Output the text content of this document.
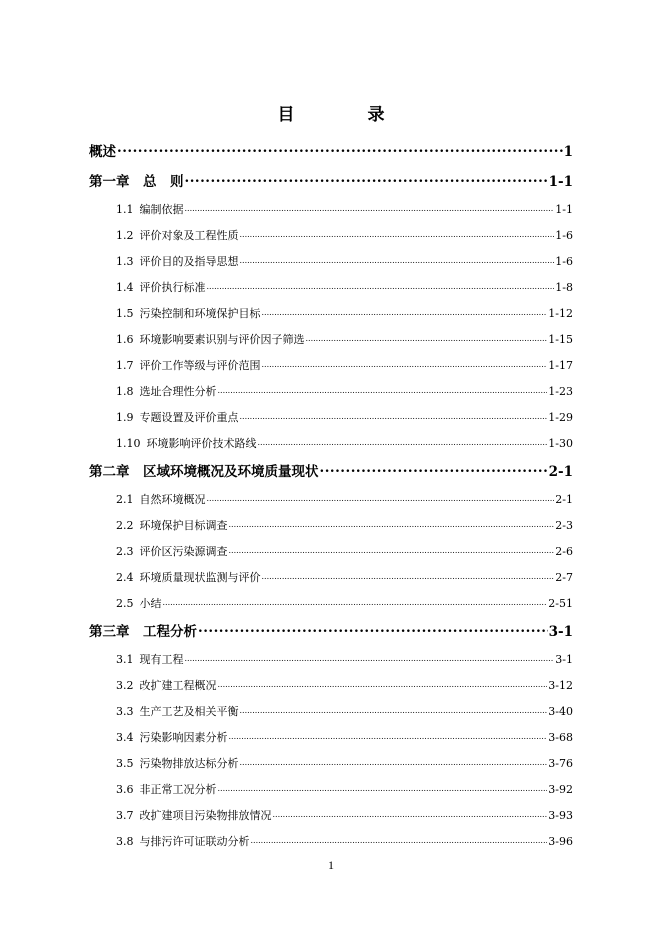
目　录
概述 .....	1
第一章　总　则 .....	1-1
1.1 编制依据 .....	1-1
1.2 评价对象及工程性质 .....	1-6
1.3 评价目的及指导思想 .....	1-6
1.4 评价执行标准 .....	1-8
1.5 污染控制和环境保护目标 .....	1-12
1.6 环境影响要素识别与评价因子筛选 .....	1-15
1.7 评价工作等级与评价范围 .....	1-17
1.8 选址合理性分析 .....	1-23
1.9 专题设置及评价重点 .....	1-29
1.10 环境影响评价技术路线 .....	1-30
第二章　区域环境概况及环境质量现状 .....	2-1
2.1 自然环境概况 .....	2-1
2.2 环境保护目标调查 .....	2-3
2.3 评价区污染源调查 .....	2-6
2.4 环境质量现状监测与评价 .....	2-7
2.5 小结 .....	2-51
第三章　工程分析 .....	3-1
3.1 现有工程 .....	3-1
3.2 改扩建工程概况 .....	3-12
3.3 生产工艺及相关平衡 .....	3-40
3.4 污染影响因素分析 .....	3-68
3.5 污染物排放达标分析 .....	3-76
3.6 非正常工况分析 .....	3-92
3.7 改扩建项目污染物排放情况 .....	3-93
3.8 与排污许可证联动分析 .....	3-96
1
